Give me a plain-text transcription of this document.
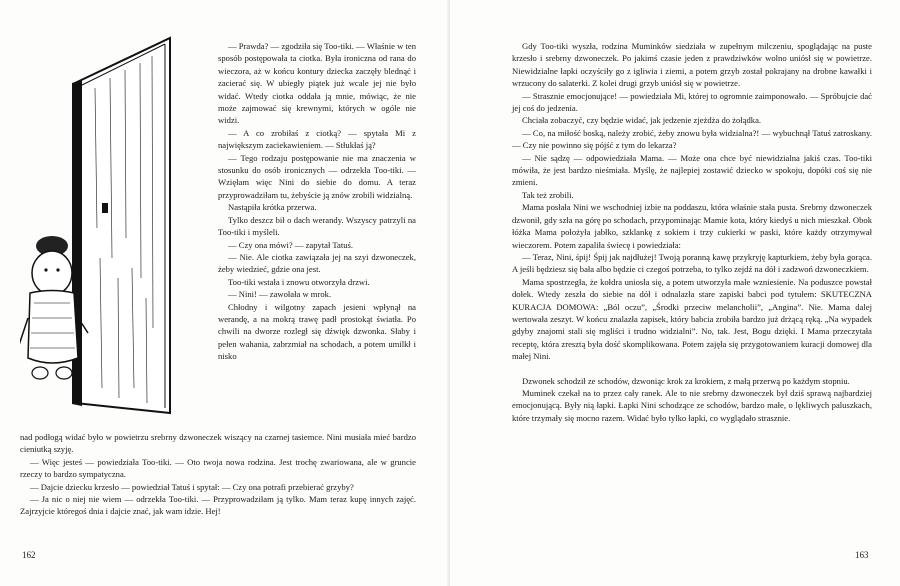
— Prawda? — zgodziła się Too-tiki. — Właśnie w ten sposób postępowała ta ciotka. Była ironiczna od rana do wieczora, aż w końcu kontury dziecka zaczęły blednąć i zacierać się. W ubiegły piątek już wcale jej nie było widać. Wtedy ciotka oddała ją mnie, mówiąc, że nie może zajmować się krewnymi, których w ogóle nie widzi.

— A co zrobiłaś z ciotką? — spytała Mi z największym zaciekawieniem. — Stłukłaś ją?

— Tego rodzaju postępowanie nie ma znaczenia w stosunku do osób ironicznych — odrzekła Too-tiki. — Wzięłam więc Nini do siebie do domu. A teraz przyprowadziłam tu, żebyście ją znów zrobili widzialną.

Nastąpiła krótka przerwa.

Tylko deszcz bił o dach werandy. Wszyscy patrzyli na Too-tiki i myśleli.

— Czy ona mówi? — zapytał Tatuś.

— Nie. Ale ciotka zawiązała jej na szyi dzwoneczek, żeby wiedzieć, gdzie ona jest.

Too-tiki wstała i znowu otworzyła drzwi.

— Nini! — zawołała w mrok.

Chłodny i wilgotny zapach jesieni wpłynął na werandę, a na mokrą trawę padł prostokąt światła. Po chwili na dworze rozległ się dźwięk dzwonka. Słaby i pełen wahania, zabrzmiał na schodach, a potem umilkł i nisko

nad podłogą widać było w powietrzu srebrny dzwoneczek wiszący na czarnej tasiemce. Nini musiała mieć bardzo cieniutką szyję.

— Więc jesteś — powiedziała Too-tiki. — Oto twoja nowa rodzina. Jest trochę zwariowana, ale w gruncie rzeczy to bardzo sympatyczna.

— Dajcie dziecku krzesło — powiedział Tatuś i spytał: — Czy ona potrafi przebierać grzyby?

— Ja nic o niej nie wiem — odrzekła Too-tiki. — Przyprowadziłam ją tylko. Mam teraz kupę innych zajęć. Zajrzyjcie któregoś dnia i dajcie znać, jak wam idzie. Hej!

162	163

Gdy Too-tiki wyszła, rodzina Muminków siedziała w zupełnym milczeniu, spoglądając na puste krzesło i srebrny dzwoneczek. Po jakimś czasie jeden z prawdziwków wolno uniósł się w powietrze. Niewidzialne łapki oczyściły go z igliwia i ziemi, a potem grzyb został pokrajany na drobne kawałki i wrzucony do salaterki. Z kolei drugi grzyb uniósł się w powietrze.

— Strasznie emocjonujące! — powiedziała Mi, której to ogromnie zaimponowało. — Spróbujcie dać jej coś do jedzenia.

Chciała zobaczyć, czy będzie widać, jak jedzenie zjeżdża do żołądka.

— Co, na miłość boską, należy zrobić, żeby znowu była widzialna?! — wybuchnął Tatuś zatroskany. — Czy nie powinno się pójść z tym do lekarza?

— Nie sądzę — odpowiedziała Mama. — Może ona chce być niewidzialna jakiś czas. Too-tiki mówiła, że jest bardzo nieśmiała. Myślę, że najlepiej zostawić dziecko w spokoju, dopóki coś się nie zmieni.

Tak też zrobili.

Mama posłała Nini we wschodniej izbie na poddaszu, która właśnie stała pusta. Srebrny dzwoneczek dzwonił, gdy szła na górę po schodach, przypominając Mamie kota, który kiedyś u nich mieszkał. Obok łóżka Mama położyła jabłko, szklankę z sokiem i trzy cukierki w paski, które każdy otrzymywał wieczorem. Potem zapaliła świecę i powiedziała:

— Teraz, Nini, śpij! Śpij jak najdłużej! Twoją poranną kawę przykryję kapturkiem, żeby była gorąca. A jeśli będziesz się bała albo będzie ci czegoś potrzeba, to tylko zejdź na dół i zadzwoń dzwoneczkiem.

Mama spostrzegła, że kołdra uniosła się, a potem utworzyła małe wzniesienie. Na poduszce powstał dołek. Wtedy zeszła do siebie na dół i odnalazła stare zapiski babci pod tytułem: SKUTECZNA KURACJA DOMOWA: „Ból oczu”, „Środki przeciw melancholii”, „Angina”. Nie. Mama dalej wertowała zeszyt. W końcu znalazła zapisek, który babcia zrobiła bardzo już drżącą ręką. „Na wypadek gdyby znajomi stali się mgliści i trudno widzialni”. No, tak. Jest, Bogu dzięki. I Mama przeczytała receptę, która zresztą była dość skomplikowana. Potem zajęła się przygotowaniem kuracji domowej dla małej Nini.

Dzwonek schodził ze schodów, dzwoniąc krok za krokiem, z małą przerwą po każdym stopniu.

Muminek czekał na to przez cały ranek. Ale to nie srebrny dzwoneczek był dziś sprawą najbardziej emocjonującą. Były nią łapki. Łapki Nini schodzące ze schodów, bardzo małe, o lękliwych paluszkach, które trzymały się mocno razem. Widać było tylko łapki, co wyglądało strasznie.
